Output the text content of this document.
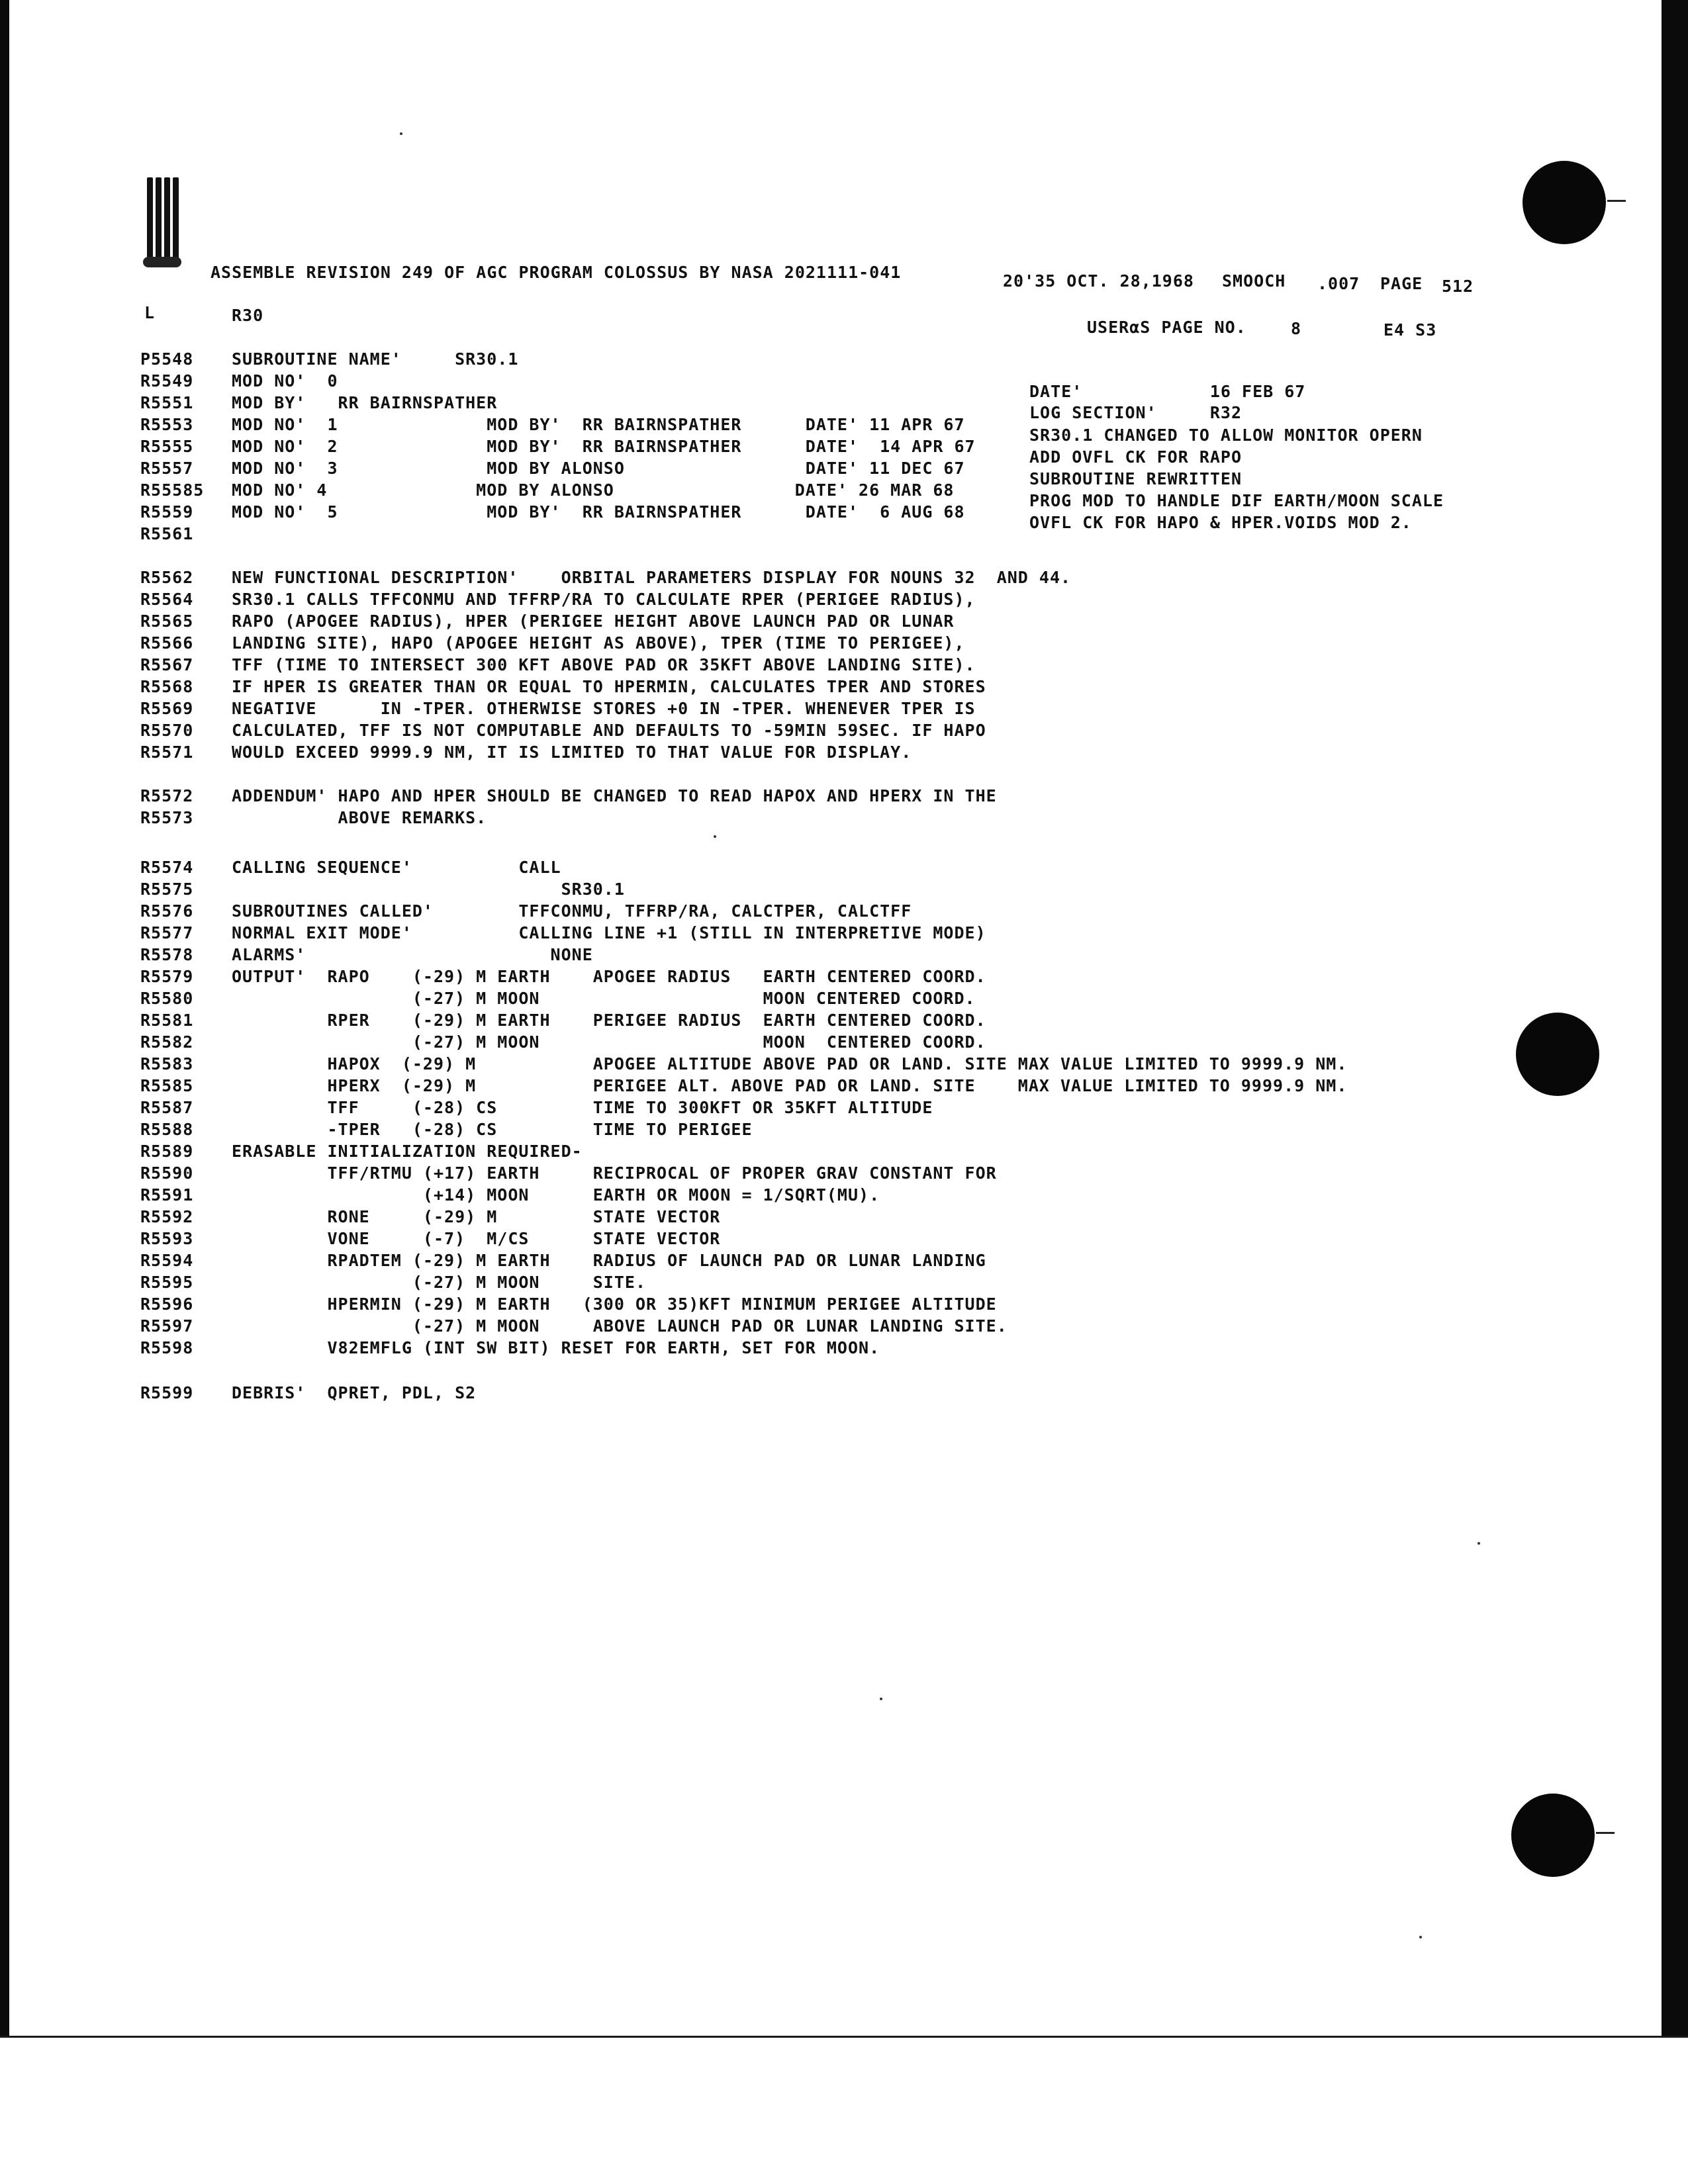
ASSEMBLE REVISION 249 OF AGC PROGRAM COLOSSUS BY NASA 2021111-041	20'35 OCT. 28,1968 SMOOCH .007 PAGE 512
L	R30
USER⍺S PAGE NO.	8	E4 S3
P5548 SUBROUTINE NAME'     SR30.1
R5549 MOD NO'  0
R5551 MOD BY'   RR BAIRNSPATHER
R5553 MOD NO'  1              MOD BY'  RR BAIRNSPATHER      DATE' 11 APR 67
R5555 MOD NO'  2              MOD BY'  RR BAIRNSPATHER      DATE'  14 APR 67
R5557 MOD NO'  3              MOD BY ALONSO                 DATE' 11 DEC 67
R55585 MOD NO' 4              MOD BY ALONSO                 DATE' 26 MAR 68
R5559 MOD NO'  5              MOD BY'  RR BAIRNSPATHER      DATE'  6 AUG 68
R5561
R5562 NEW FUNCTIONAL DESCRIPTION'    ORBITAL PARAMETERS DISPLAY FOR NOUNS 32  AND 44.
R5564 SR30.1 CALLS TFFCONMU AND TFFRP/RA TO CALCULATE RPER (PERIGEE RADIUS),
R5565 RAPO (APOGEE RADIUS), HPER (PERIGEE HEIGHT ABOVE LAUNCH PAD OR LUNAR
R5566 LANDING SITE), HAPO (APOGEE HEIGHT AS ABOVE), TPER (TIME TO PERIGEE),
R5567 TFF (TIME TO INTERSECT 300 KFT ABOVE PAD OR 35KFT ABOVE LANDING SITE).
R5568 IF HPER IS GREATER THAN OR EQUAL TO HPERMIN, CALCULATES TPER AND STORES
R5569 NEGATIVE      IN -TPER. OTHERWISE STORES +0 IN -TPER. WHENEVER TPER IS
R5570 CALCULATED, TFF IS NOT COMPUTABLE AND DEFAULTS TO -59MIN 59SEC. IF HAPO
R5571 WOULD EXCEED 9999.9 NM, IT IS LIMITED TO THAT VALUE FOR DISPLAY.
R5572 ADDENDUM' HAPO AND HPER SHOULD BE CHANGED TO READ HAPOX AND HPERX IN THE
R5573 ABOVE REMARKS.
R5574 CALLING SEQUENCE'          CALL
R5575 SR30.1
R5576 SUBROUTINES CALLED'        TFFCONMU, TFFRP/RA, CALCTPER, CALCTFF
R5577 NORMAL EXIT MODE'          CALLING LINE +1 (STILL IN INTERPRETIVE MODE)
R5578 ALARMS'                       NONE
R5579 OUTPUT'  RAPO    (-29) M EARTH    APOGEE RADIUS   EARTH CENTERED COORD.
R5580 (-27) M MOON                     MOON CENTERED COORD.
R5581 RPER    (-29) M EARTH    PERIGEE RADIUS  EARTH CENTERED COORD.
R5582 (-27) M MOON                     MOON  CENTERED COORD.
R5583 HAPOX  (-29) M           APOGEE ALTITUDE ABOVE PAD OR LAND. SITE MAX VALUE LIMITED TO 9999.9 NM.
R5585 HPERX  (-29) M           PERIGEE ALT. ABOVE PAD OR LAND. SITE    MAX VALUE LIMITED TO 9999.9 NM.
R5587 TFF     (-28) CS         TIME TO 300KFT OR 35KFT ALTITUDE
R5588 -TPER   (-28) CS         TIME TO PERIGEE
R5589 ERASABLE INITIALIZATION REQUIRED-
R5590 TFF/RTMU (+17) EARTH     RECIPROCAL OF PROPER GRAV CONSTANT FOR
R5591 (+14) MOON      EARTH OR MOON = 1/SQRT(MU).
R5592 RONE     (-29) M         STATE VECTOR
R5593 VONE     (-7)  M/CS      STATE VECTOR
R5594 RPADTEM (-29) M EARTH    RADIUS OF LAUNCH PAD OR LUNAR LANDING
R5595 (-27) M MOON     SITE.
R5596 HPERMIN (-29) M EARTH   (300 OR 35)KFT MINIMUM PERIGEE ALTITUDE
R5597 (-27) M MOON     ABOVE LAUNCH PAD OR LUNAR LANDING SITE.
R5598 V82EMFLG (INT SW BIT) RESET FOR EARTH, SET FOR MOON.
R5599 DEBRIS'  QPRET, PDL, S2
DATE'            16 FEB 67
LOG SECTION'     R32
SR30.1 CHANGED TO ALLOW MONITOR OPERN
ADD OVFL CK FOR RAPO
SUBROUTINE REWRITTEN
PROG MOD TO HANDLE DIF EARTH/MOON SCALE
OVFL CK FOR HAPO & HPER.VOIDS MOD 2.
